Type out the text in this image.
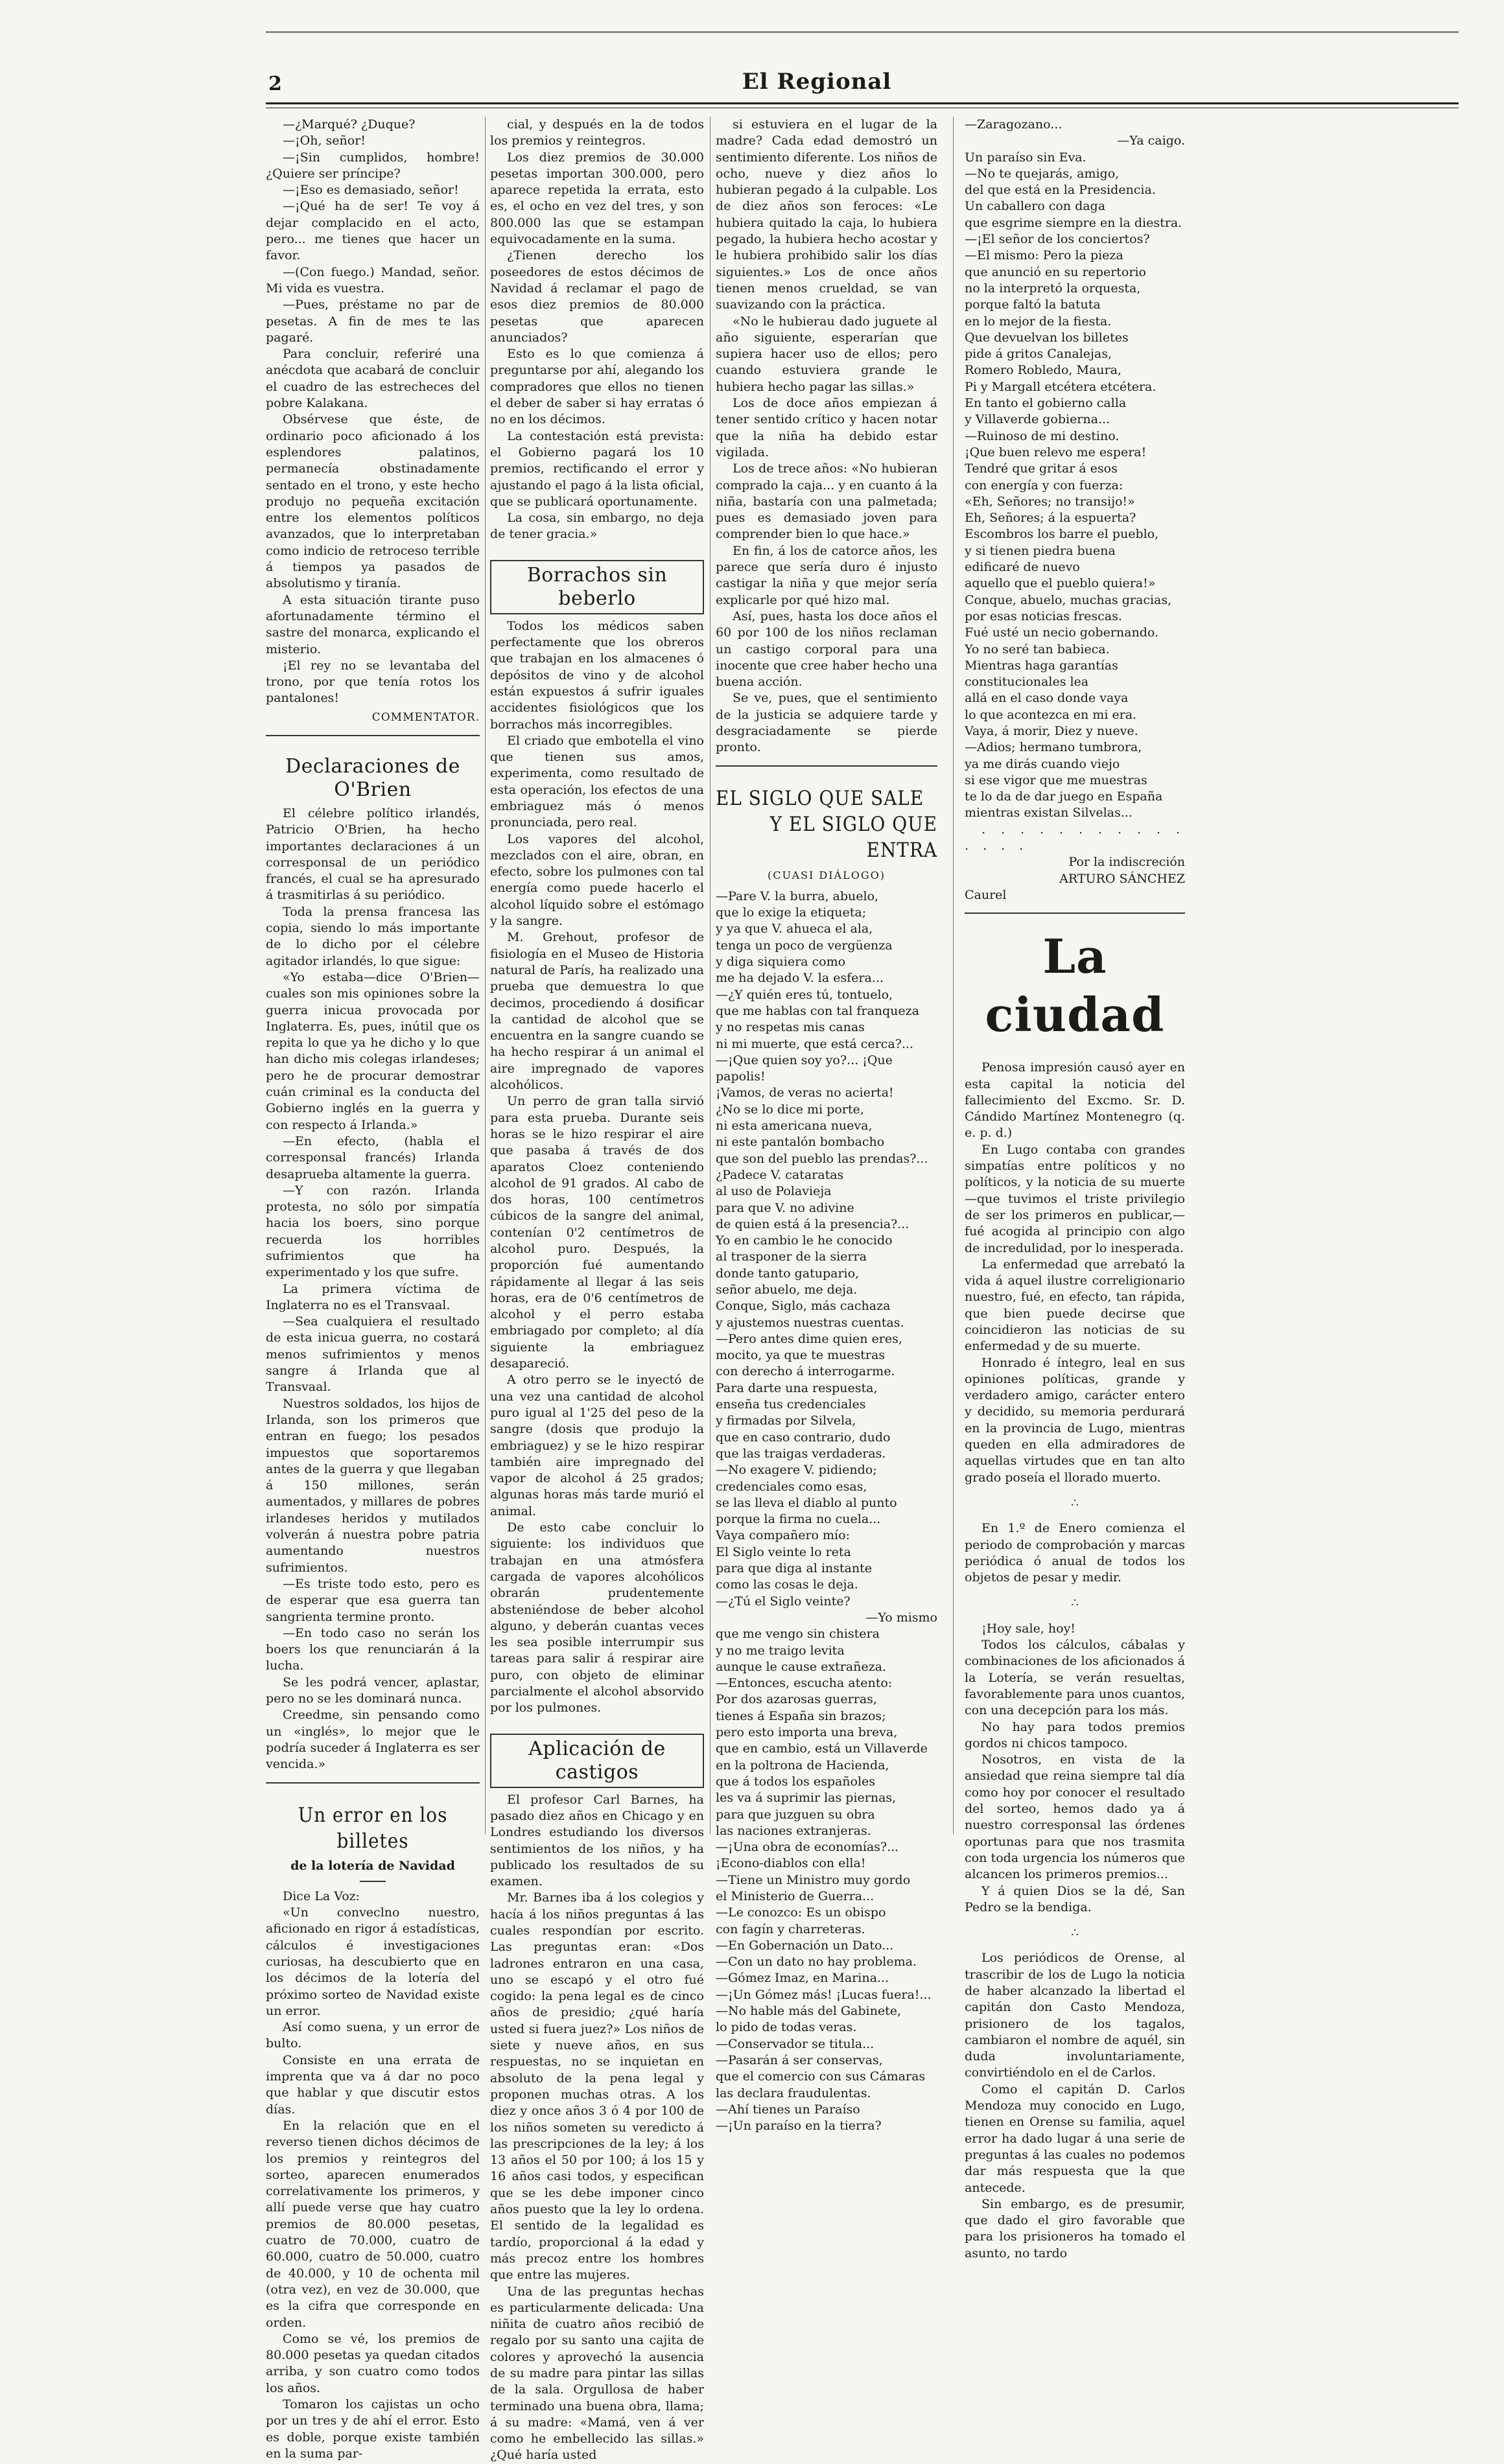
2	El Regional

—¿Marqué? ¿Duque?

—¡Oh, señor!

—¡Sin cumplidos, hombre! ¿Quiere ser príncipe?

—¡Eso es demasiado, señor!

—¡Qué ha de ser! Te voy á dejar complacido en el acto, pero... me tienes que hacer un favor.

—(Con fuego.) Mandad, señor. Mi vida es vuestra.

—Pues, préstame no par de pesetas. A fin de mes te las pagaré.

Para concluir, referiré una anécdota que acabará de concluir el cuadro de las estrecheces del pobre Kalakana.

Obsérvese que éste, de ordinario poco aficionado á los esplendores palatinos, permanecía obstinadamente sentado en el trono, y este hecho produjo no pequeña excitación entre los elementos políticos avanzados, que lo interpretaban como indicio de retroceso terrible á tiempos ya pasados de absolutismo y tiranía.

A esta situación tirante puso afortunadamente término el sastre del monarca, explicando el misterio.

¡El rey no se levantaba del trono, por que tenía rotos los pantalones!

COMMENTATOR.
Declaraciones de O'Brien

El célebre político irlandés, Patricio O'Brien, ha hecho importantes declaraciones á un corresponsal de un periódico francés, el cual se ha apresurado á trasmitirlas á su periódico.

Toda la prensa francesa las copia, siendo lo más importante de lo dicho por el célebre agitador irlandés, lo que sigue:

«Yo estaba—dice O'Brien—cuales son mis opiniones sobre la guerra inicua provocada por Inglaterra. Es, pues, inútil que os repita lo que ya he dicho y lo que han dicho mis colegas irlandeses; pero he de procurar demostrar cuán criminal es la conducta del Gobierno inglés en la guerra y con respecto á Irlanda.»

—En efecto, (habla el corresponsal francés) Irlanda desaprueba altamente la guerra.

—Y con razón. Irlanda protesta, no sólo por simpatía hacia los boers, sino porque recuerda los horribles sufrimientos que ha experimentado y los que sufre.

La primera víctima de Inglaterra no es el Transvaal.

—Sea cualquiera el resultado de esta inicua guerra, no costará menos sufrimientos y menos sangre á Irlanda que al Transvaal.

Nuestros soldados, los hijos de Irlanda, son los primeros que entran en fuego; los pesados impuestos que soportaremos antes de la guerra y que llegaban á 150 millones, serán aumentados, y millares de pobres irlandeses heridos y mutilados volverán á nuestra pobre patria aumentando nuestros sufrimientos.

—Es triste todo esto, pero es de esperar que esa guerra tan sangrienta termine pronto.

—En todo caso no serán los boers los que renunciarán á la lucha.

Se les podrá vencer, aplastar, pero no se les dominará nunca.

Creedme, sin pensando como un «inglés», lo mejor que le podría suceder á Inglaterra es ser vencida.»

Un error en los billetes
de la lotería de Navidad

Dice La Voz:

«Un conveclno nuestro, aficionado en rigor á estadísticas, cálculos é investigaciones curiosas, ha descubierto que en los décimos de la lotería del próximo sorteo de Navidad existe un error.

Así como suena, y un error de bulto.

Consiste en una errata de imprenta que va á dar no poco que hablar y que discutir estos días.

En la relación que en el reverso tienen dichos décimos de los premios y reintegros del sorteo, aparecen enumerados correlativamente los primeros, y allí puede verse que hay cuatro premios de 80.000 pesetas, cuatro de 70.000, cuatro de 60.000, cuatro de 50.000, cuatro de 40.000, y 10 de ochenta mil (otra vez), en vez de 30.000, que es la cifra que corresponde en orden.

Como se vé, los premios de 80.000 pesetas ya quedan citados arriba, y son cuatro como todos los años.

Tomaron los cajistas un ocho por un tres y de ahí el error. Esto es doble, porque existe también en la suma par-

cial, y después en la de todos los premios y reintegros.

Los diez premios de 30.000 pesetas importan 300.000, pero aparece repetida la errata, esto es, el ocho en vez del tres, y son 800.000 las que se estampan equivocadamente en la suma.

¿Tienen derecho los poseedores de estos décimos de Navidad á reclamar el pago de esos diez premios de 80.000 pesetas que aparecen anunciados?

Esto es lo que comienza á preguntarse por ahí, alegando los compradores que ellos no tienen el deber de saber si hay erratas ó no en los décimos.

La contestación está prevista: el Gobierno pagará los 10 premios, rectificando el error y ajustando el pago á la lista oficial, que se publicará oportunamente.

La cosa, sin embargo, no deja de tener gracia.»

Borrachos sin beberlo

Todos los médicos saben perfectamente que los obreros que trabajan en los almacenes ó depósitos de vino y de alcohol están expuestos á sufrir iguales accidentes fisiológicos que los borrachos más incorregibles.

El criado que embotella el vino que tienen sus amos, experimenta, como resultado de esta operación, los efectos de una embriaguez más ó menos pronunciada, pero real.

Los vapores del alcohol, mezclados con el aire, obran, en efecto, sobre los pulmones con tal energía como puede hacerlo el alcohol líquido sobre el estómago y la sangre.

M. Grehout, profesor de fisiología en el Museo de Historia natural de París, ha realizado una prueba que demuestra lo que decimos, procediendo á dosificar la cantidad de alcohol que se encuentra en la sangre cuando se ha hecho respirar á un animal el aire impregnado de vapores alcohólicos.

Un perro de gran talla sirvió para esta prueba. Durante seis horas se le hizo respirar el aire que pasaba á través de dos aparatos Cloez conteniendo alcohol de 91 grados. Al cabo de dos horas, 100 centímetros cúbicos de la sangre del animal, contenían 0'2 centímetros de alcohol puro. Después, la proporción fué aumentando rápidamente al llegar á las seis horas, era de 0'6 centímetros de alcohol y el perro estaba embriagado por completo; al día siguiente la embriaguez desapareció.

A otro perro se le inyectó de una vez una cantidad de alcohol puro igual al 1'25 del peso de la sangre (dosis que produjo la embriaguez) y se le hizo respirar también aire impregnado del vapor de alcohol á 25 grados; algunas horas más tarde murió el animal.

De esto cabe concluir lo siguiente: los individuos que trabajan en una atmósfera cargada de vapores alcohólicos obrarán prudentemente absteniéndose de beber alcohol alguno, y deberán cuantas veces les sea posible interrumpir sus tareas para salir á respirar aire puro, con objeto de eliminar parcialmente el alcohol absorvido por los pulmones.

Aplicación de castigos

El profesor Carl Barnes, ha pasado diez años en Chicago y en Londres estudiando los diversos sentimientos de los niños, y ha publicado los resultados de su examen.

Mr. Barnes iba á los colegios y hacía á los niños preguntas á las cuales respondían por escrito. Las preguntas eran: «Dos ladrones entraron en una casa, uno se escapó y el otro fué cogido: la pena legal es de cinco años de presidio; ¿qué haría usted si fuera juez?» Los niños de siete y nueve años, en sus respuestas, no se inquietan en absoluto de la pena legal y proponen muchas otras. A los diez y once años 3 ó 4 por 100 de los niños someten su veredicto á las prescripciones de la ley; á los 13 años el 50 por 100; á los 15 y 16 años casi todos, y especifican que se les debe imponer cinco años puesto que la ley lo ordena. El sentido de la legalidad es tardío, proporcional á la edad y más precoz entre los hombres que entre las mujeres.

Una de las preguntas hechas es particularmente delicada: Una niñita de cuatro años recibió de regalo por su santo una cajita de colores y aprovechó la ausencia de su madre para pintar las sillas de la sala. Orgullosa de haber terminado una buena obra, llama; á su madre: «Mamá, ven á ver como he embellecido las sillas.» ¿Qué haría usted

si estuviera en el lugar de la madre? Cada edad demostró un sentimiento diferente. Los niños de ocho, nueve y diez años lo hubieran pegado á la culpable. Los de diez años son feroces: «Le hubiera quitado la caja, lo hubiera pegado, la hubiera hecho acostar y le hubiera prohibido salir los días siguientes.» Los de once años tienen menos crueldad, se van suavizando con la práctica.

«No le hubierau dado juguete al año siguiente, esperarían que supiera hacer uso de ellos; pero cuando estuviera grande le hubiera hecho pagar las sillas.»

Los de doce años empiezan á tener sentido crítico y hacen notar que la niña ha debido estar vigilada.

Los de trece años: «No hubieran comprado la caja... y en cuanto á la niña, bastaría con una palmetada; pues es demasiado joven para comprender bien lo que hace.»

En fin, á los de catorce años, les parece que sería duro é injusto castigar la niña y que mejor sería explicarle por qué hizo mal.

Así, pues, hasta los doce años el 60 por 100 de los niños reclaman un castigo corporal para una inocente que cree haber hecho una buena acción.

Se ve, pues, que el sentimiento de la justicia se adquiere tarde y desgraciadamente se pierde pronto.

EL SIGLO QUE SALE
Y EL SIGLO QUE ENTRA
(CUASI DIÁLOGO)

—Pare V. la burra, abuelo,

que lo exige la etiqueta;

y ya que V. ahueca el ala,

tenga un poco de vergüenza

y diga siquiera como

me ha dejado V. la esfera...

—¿Y quién eres tú, tontuelo,

que me hablas con tal franqueza

y no respetas mis canas

ni mi muerte, que está cerca?...

—¡Que quien soy yo?... ¡Que papolis!

¡Vamos, de veras no acierta!

¿No se lo dice mi porte,

ni esta americana nueva,

ni este pantalón bombacho

que son del pueblo las prendas?...

¿Padece V. cataratas

al uso de Polavieja

para que V. no adivine

de quien está á la presencia?...

Yo en cambio le he conocido

al trasponer de la sierra

donde tanto gatupario,

señor abuelo, me deja.

Conque, Siglo, más cachaza

y ajustemos nuestras cuentas.

—Pero antes dime quien eres,

mocito, ya que te muestras

con derecho á interrogarme.

Para darte una respuesta,

enseña tus credenciales

y firmadas por Silvela,

que en caso contrario, dudo

que las traigas verdaderas.

—No exagere V. pidiendo;

credenciales como esas,

se las lleva el diablo al punto

porque la firma no cuela...

Vaya compañero mío:

El Siglo veinte lo reta

para que diga al instante

como las cosas le deja.

—¿Tú el Siglo veinte?

—Yo mismo

que me vengo sin chistera

y no me traigo levita

aunque le cause extrañeza.

—Entonces, escucha atento:

Por dos azarosas guerras,

tienes á España sin brazos;

pero esto importa una breva,

que en cambio, está un Villaverde

en la poltrona de Hacienda,

que á todos los españoles

les va á suprimir las piernas,

para que juzguen su obra

las naciones extranjeras.

—¡Una obra de economías?...

¡Econo-diablos con ella!

—Tiene un Ministro muy gordo

el Ministerio de Guerra...

—Le conozco: Es un obispo

con fagín y charreteras.

—En Gobernación un Dato...

—Con un dato no hay problema.

—Gómez Imaz, en Marina...

—¡Un Gómez más! ¡Lucas fuera!...

—No hable más del Gabinete,

lo pido de todas veras.

—Conservador se titula...

—Pasarán á ser conservas,

que el comercio con sus Cámaras

las declara fraudulentas.

—Ahí tienes un Paraíso

—¡Un paraíso en la tierra?

—Zaragozano...

—Ya caigo.

Un paraíso sin Eva.

—No te quejarás, amigo,

del que está en la Presidencia.

Un caballero con daga

que esgrime siempre en la diestra.

—¡El señor de los conciertos?

—El mismo: Pero la pieza

que anunció en su repertorio

no la interpretó la orquesta,

porque faltó la batuta

en lo mejor de la fiesta.

Que devuelvan los billetes

pide á gritos Canalejas,

Romero Robledo, Maura,

Pi y Margall etcétera etcétera.

En tanto el gobierno calla

y Villaverde gobierna...

—Ruinoso de mi destino.

¡Que buen relevo me espera!

Tendré que gritar á esos

con energía y con fuerza:

«Eh, Señores; no transijo!»

Eh, Señores; á la espuerta?

Escombros los barre el pueblo,

y si tienen piedra buena

edificaré de nuevo

aquello que el pueblo quiera!»

Conque, abuelo, muchas gracias,

por esas noticias frescas.

Fué usté un necio gobernando.

Yo no seré tan babieca.

Mientras haga garantías

constitucionales lea

allá en el caso donde vaya

lo que acontezca en mi era.

Vaya, á morir, Diez y nueve.

—Adios; hermano tumbrora,

ya me dirás cuando viejo

si ese vigor que me muestras

te lo da de dar juego en España

mientras existan Silvelas...

. . . . . . . . . . . . . . .

Por la indiscreción

ARTURO SÁNCHEZ

Caurel

La ciudad

Penosa impresión causó ayer en esta capital la noticia del fallecimiento del Excmo. Sr. D. Cándido Martínez Montenegro (q. e. p. d.)

En Lugo contaba con grandes simpatías entre políticos y no políticos, y la noticia de su muerte—que tuvimos el triste privilegio de ser los primeros en publicar,—fué acogida al principio con algo de incredulidad, por lo inesperada.

La enfermedad que arrebató la vida á aquel ilustre correligionario nuestro, fué, en efecto, tan rápida, que bien puede decirse que coincidieron las noticias de su enfermedad y de su muerte.

Honrado é íntegro, leal en sus opiniones políticas, grande y verdadero amigo, carácter entero y decidido, su memoria perdurará en la provincia de Lugo, mientras queden en ella admiradores de aquellas virtudes que en tan alto grado poseía el llorado muerto.

∴

En 1.º de Enero comienza el periodo de comprobación y marcas periódica ó anual de todos los objetos de pesar y medir.

∴

¡Hoy sale, hoy!

Todos los cálculos, cábalas y combinaciones de los aficionados á la Lotería, se verán resueltas, favorablemente para unos cuantos, con una decepción para los más.

No hay para todos premios gordos ni chicos tampoco.

Nosotros, en vista de la ansiedad que reina siempre tal día como hoy por conocer el resultado del sorteo, hemos dado ya á nuestro corresponsal las órdenes oportunas para que nos trasmita con toda urgencia los números que alcancen los primeros premios...

Y á quien Dios se la dé, San Pedro se la bendiga.

∴

Los periódicos de Orense, al trascribir de los de Lugo la noticia de haber alcanzado la libertad el capitán don Casto Mendoza, prisionero de los tagalos, cambiaron el nombre de aquél, sin duda involuntariamente, convirtiéndolo en el de Carlos.

Como el capitán D. Carlos Mendoza muy conocido en Lugo, tienen en Orense su familia, aquel error ha dado lugar á una serie de preguntas á las cuales no podemos dar más respuesta que la que antecede.

Sin embargo, es de presumir, que dado el giro favorable que para los prisioneros ha tomado el asunto, no tardo
